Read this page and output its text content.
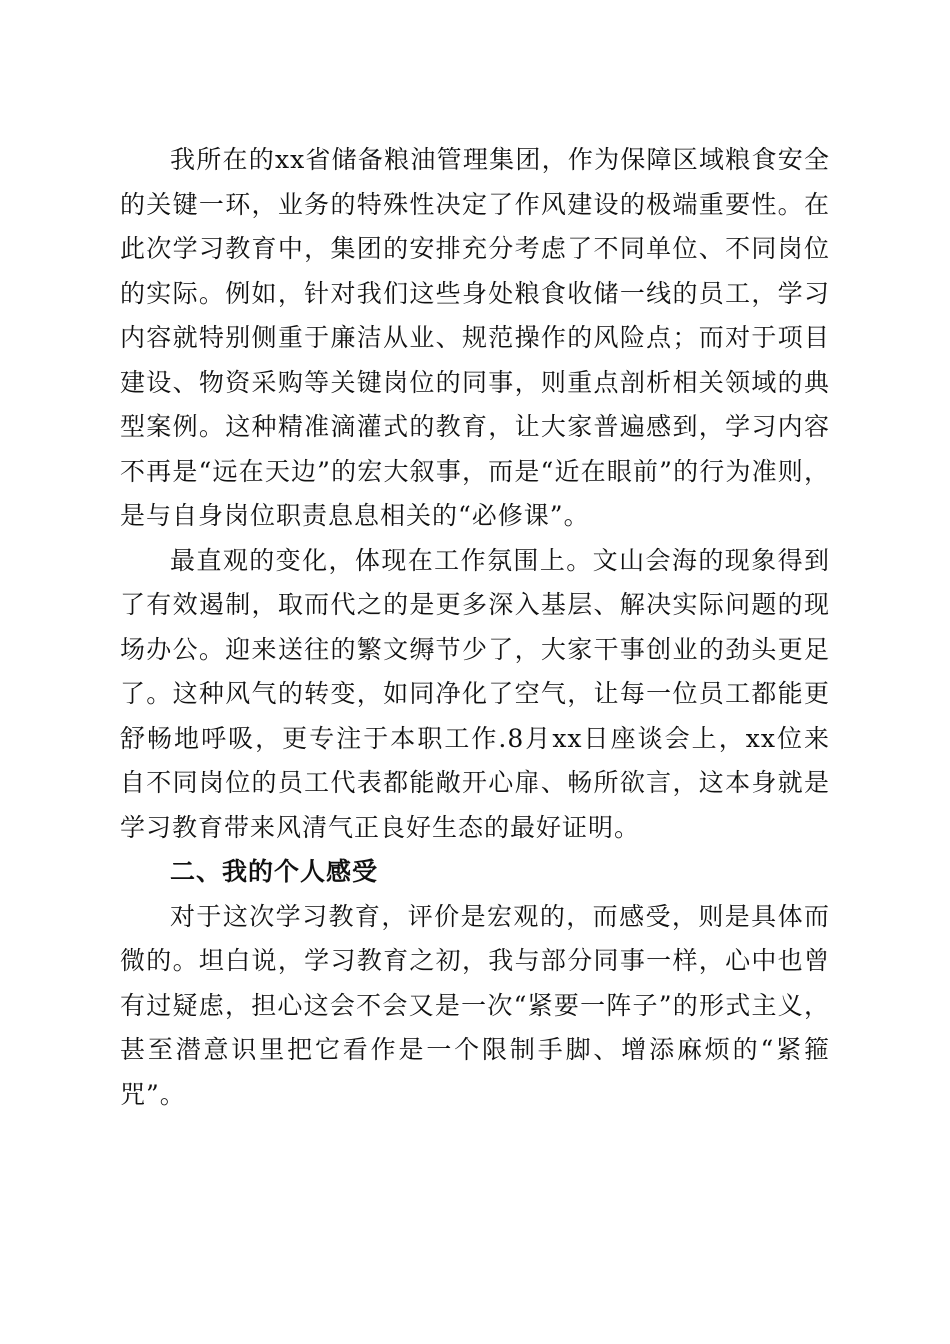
我所在的xx省储备粮油管理集团，作为保障区域粮食安全的关键一环，业务的特殊性决定了作风建设的极端重要性。在此次学习教育中，集团的安排充分考虑了不同单位、不同岗位的实际。例如，针对我们这些身处粮食收储一线的员工，学习内容就特别侧重于廉洁从业、规范操作的风险点；而对于项目建设、物资采购等关键岗位的同事，则重点剖析相关领域的典型案例。这种精准滴灌式的教育，让大家普遍感到，学习内容不再是“远在天边”的宏大叙事，而是“近在眼前”的行为准则，是与自身岗位职责息息相关的“必修课”。

最直观的变化，体现在工作氛围上。文山会海的现象得到了有效遏制，取而代之的是更多深入基层、解决实际问题的现场办公。迎来送往的繁文缛节少了，大家干事创业的劲头更足了。这种风气的转变，如同净化了空气，让每一位员工都能更舒畅地呼吸，更专注于本职工作.8月xx日座谈会上，xx位来自不同岗位的员工代表都能敞开心扉、畅所欲言，这本身就是学习教育带来风清气正良好生态的最好证明。

二、我的个人感受

对于这次学习教育，评价是宏观的，而感受，则是具体而微的。坦白说，学习教育之初，我与部分同事一样，心中也曾有过疑虑，担心这会不会又是一次“紧要一阵子”的形式主义，甚至潜意识里把它看作是一个限制手脚、增添麻烦的“紧箍咒”。
